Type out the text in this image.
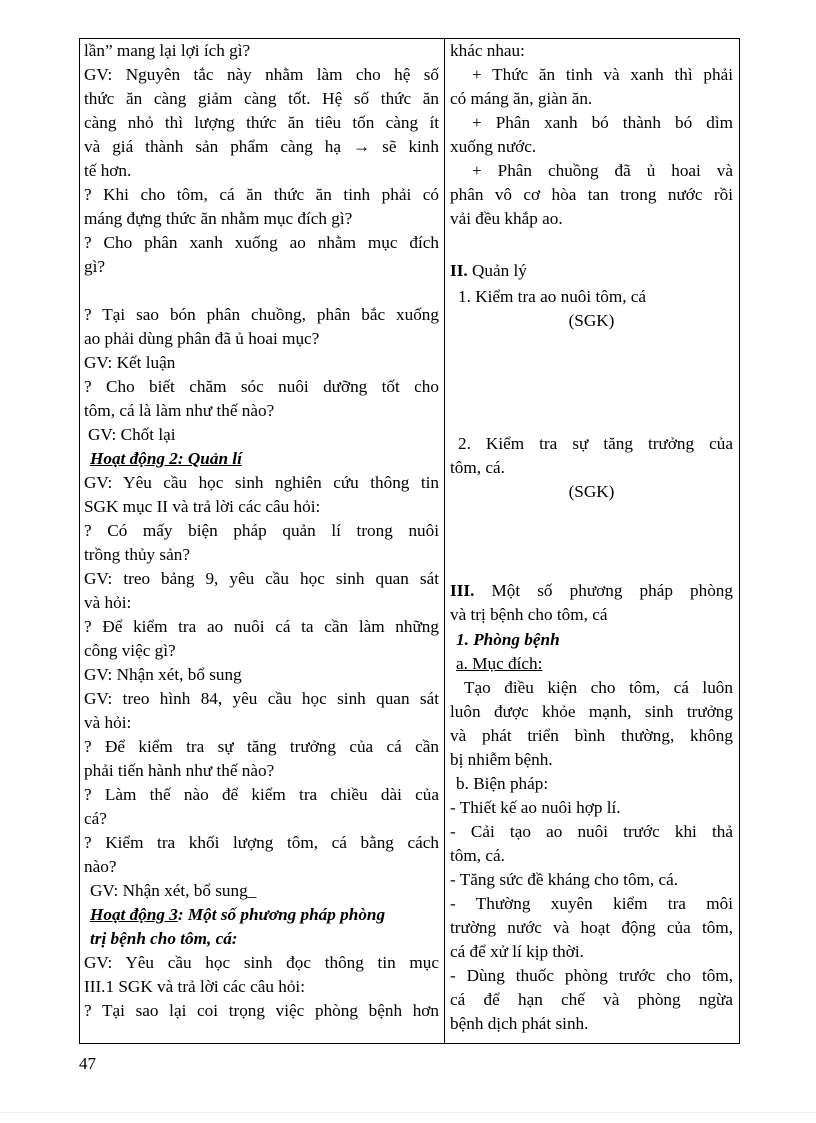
lần” mang lại lợi ích gì?
GV: Nguyên tắc này nhằm làm cho hệ số
thức ăn càng giảm càng tốt. Hệ số thức ăn
càng nhỏ thì lượng thức ăn tiêu tốn càng ít
và giá thành sản phẩm càng hạ → sẽ kinh
tế hơn.
? Khi cho tôm, cá ăn thức ăn tinh phải có
máng đựng thức ăn nhằm mục đích gì?
? Cho phân xanh xuống ao nhằm mục đích
gì?
? Tại sao bón phân chuồng, phân bắc xuống
ao phải dùng phân đã ủ hoai mục?
GV: Kết luận
? Cho biết chăm sóc nuôi dưỡng tốt cho
tôm, cá là làm như thế nào?
GV: Chốt lại
Hoạt động 2: Quản lí
GV: Yêu cầu học sinh nghiên cứu thông tin
SGK mục II và trả lời các câu hỏi:
? Có mấy biện pháp quản lí trong nuôi
trồng thủy sản?
GV: treo bảng 9, yêu cầu học sinh quan sát
và hỏi:
? Để kiểm tra ao nuôi cá ta cần làm những
công việc gì?
GV: Nhận xét, bổ sung
GV: treo hình 84, yêu cầu học sinh quan sát
và hỏi:
? Để kiểm tra sự tăng trưởng của cá cần
phải tiến hành như thế nào?
? Làm thế nào để kiểm tra chiều dài của
cá?
? Kiểm tra khối lượng tôm, cá bằng cách
nào?
GV: Nhận xét, bổ sung_
Hoạt động 3: Một số phương pháp phòng
trị bệnh cho tôm, cá:
GV: Yêu cầu học sinh đọc thông tin mục
III.1 SGK và trả lời các câu hỏi:
? Tại sao lại coi trọng việc phòng bệnh hơn
khác nhau:
+ Thức ăn tinh và xanh thì phải
có máng ăn, giàn ăn.
+ Phân xanh bó thành bó dìm
xuống nước.
+ Phân chuồng đã ủ hoai và
phân vô cơ hòa tan trong nước rồi
vải đều khắp ao.
II. Quản lý
1. Kiểm tra ao nuôi tôm, cá
(SGK)
2. Kiểm tra sự tăng trưởng của
tôm, cá.
(SGK)
III. Một số phương pháp phòng
và trị bệnh cho tôm, cá
1. Phòng bệnh
a. Mục đích:
Tạo điều kiện cho tôm, cá luôn
luôn được khỏe mạnh, sinh trưởng
và phát triển bình thường, không
bị nhiễm bệnh.
b. Biện pháp:
- Thiết kế ao nuôi hợp lí.
- Cải tạo ao nuôi trước khi thả
tôm, cá.
- Tăng sức đề kháng cho tôm, cá.
- Thường xuyên kiểm tra môi
trường nước và hoạt động của tôm,
cá để xử lí kịp thời.
- Dùng thuốc phòng trước cho tôm,
cá để hạn chế và phòng ngừa
bệnh dịch phát sinh.
47
